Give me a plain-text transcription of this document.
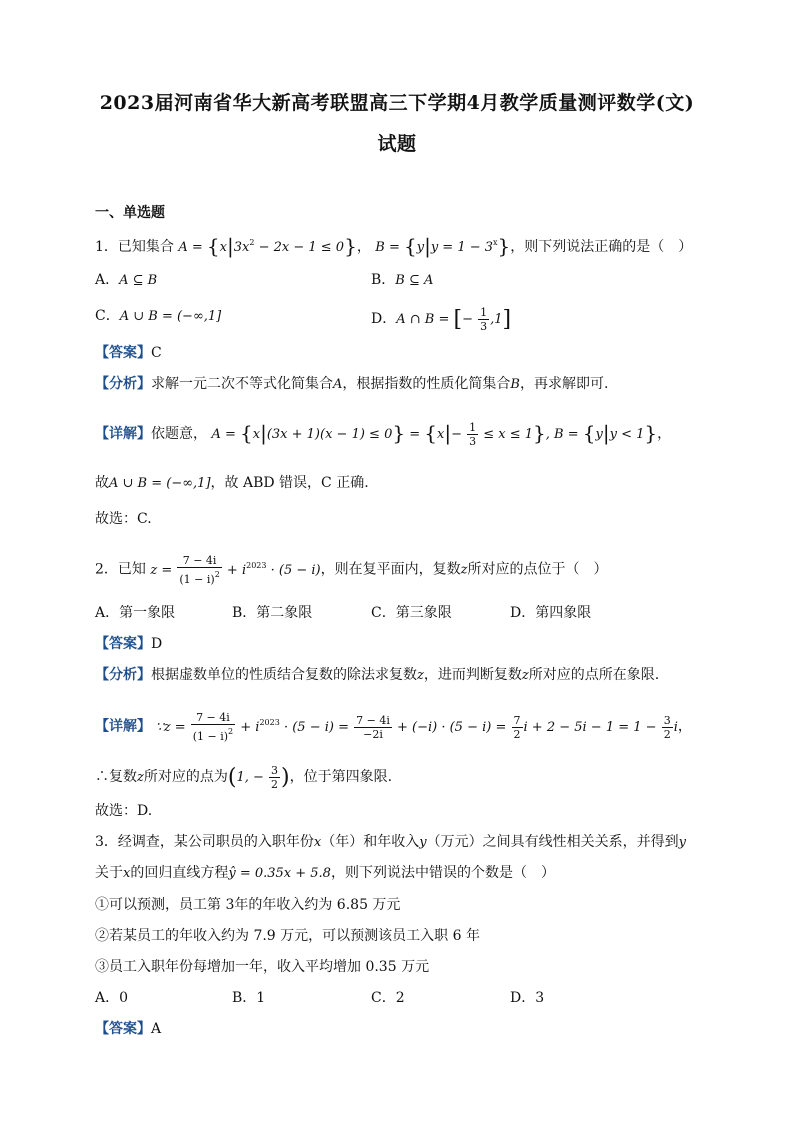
2023届河南省华大新高考联盟高三下学期4月教学质量测评数学(文)
试题
一、单选题
1．已知集合 $A = \{x|3x^2 - 2x - 1 \le 0\}$， $B = \{y|y = 1 - 3^x\}$，则下列说法正确的是（　）
A．A ⊆ B	B．B ⊆ A
C．A ∪ B = (−∞,1]	D．A ∩ B = [− $\frac{1}{3} ,1$]
【答案】C
【分析】求解一元二次不等式化简集合A，根据指数的性质化简集合B，再求解即可.
【详解】依题意， $A = \{x|(3x + 1)(x - 1) \le 0\} = \{x|- \frac{1}{3} \le x \le 1\}$, B = {y|y < 1}，
故A ∪ B = (−∞,1]，故 ABD 错误，C 正确.
故选：C.
2．已知 $z = \frac{7 - 4i}{(1 - i)^2} + i^{2023} \cdot (5 - i)$，则在复平面内，复数z所对应的点位于（　）
A．第一象限	B．第二象限	C．第三象限	D．第四象限
【答案】D
【分析】根据虚数单位的性质结合复数的除法求复数z，进而判断复数z所对应的点所在象限.
【详解】 ∵z = $\frac{7 - 4i}{(1 - i)^2} + i^{2023} \cdot (5 - i) = \frac{7 - 4i}{-2i} + (-i) \cdot (5 - i) = \frac{7}{2}$ $i + 2 - 5i - 1 = 1 - \frac{3}{2}$ i，
∴复数z所对应的点为(1, − $\frac{3}{2}$ )，位于第四象限.
故选：D.
3．经调查，某公司职员的入职年份x（年）和年收入y（万元）之间具有线性相关关系，并得到y
关于x的回归直线方程ŷ = 0.35x + 5.8，则下列说法中错误的个数是（　）
①可以预测，员工第 3年的年收入约为 6.85 万元
②若某员工的年收入约为 7.9 万元，可以预测该员工入职 6 年
③员工入职年份每增加一年，收入平均增加 0.35 万元
A．0	B．1	C．2	D．3
【答案】A
